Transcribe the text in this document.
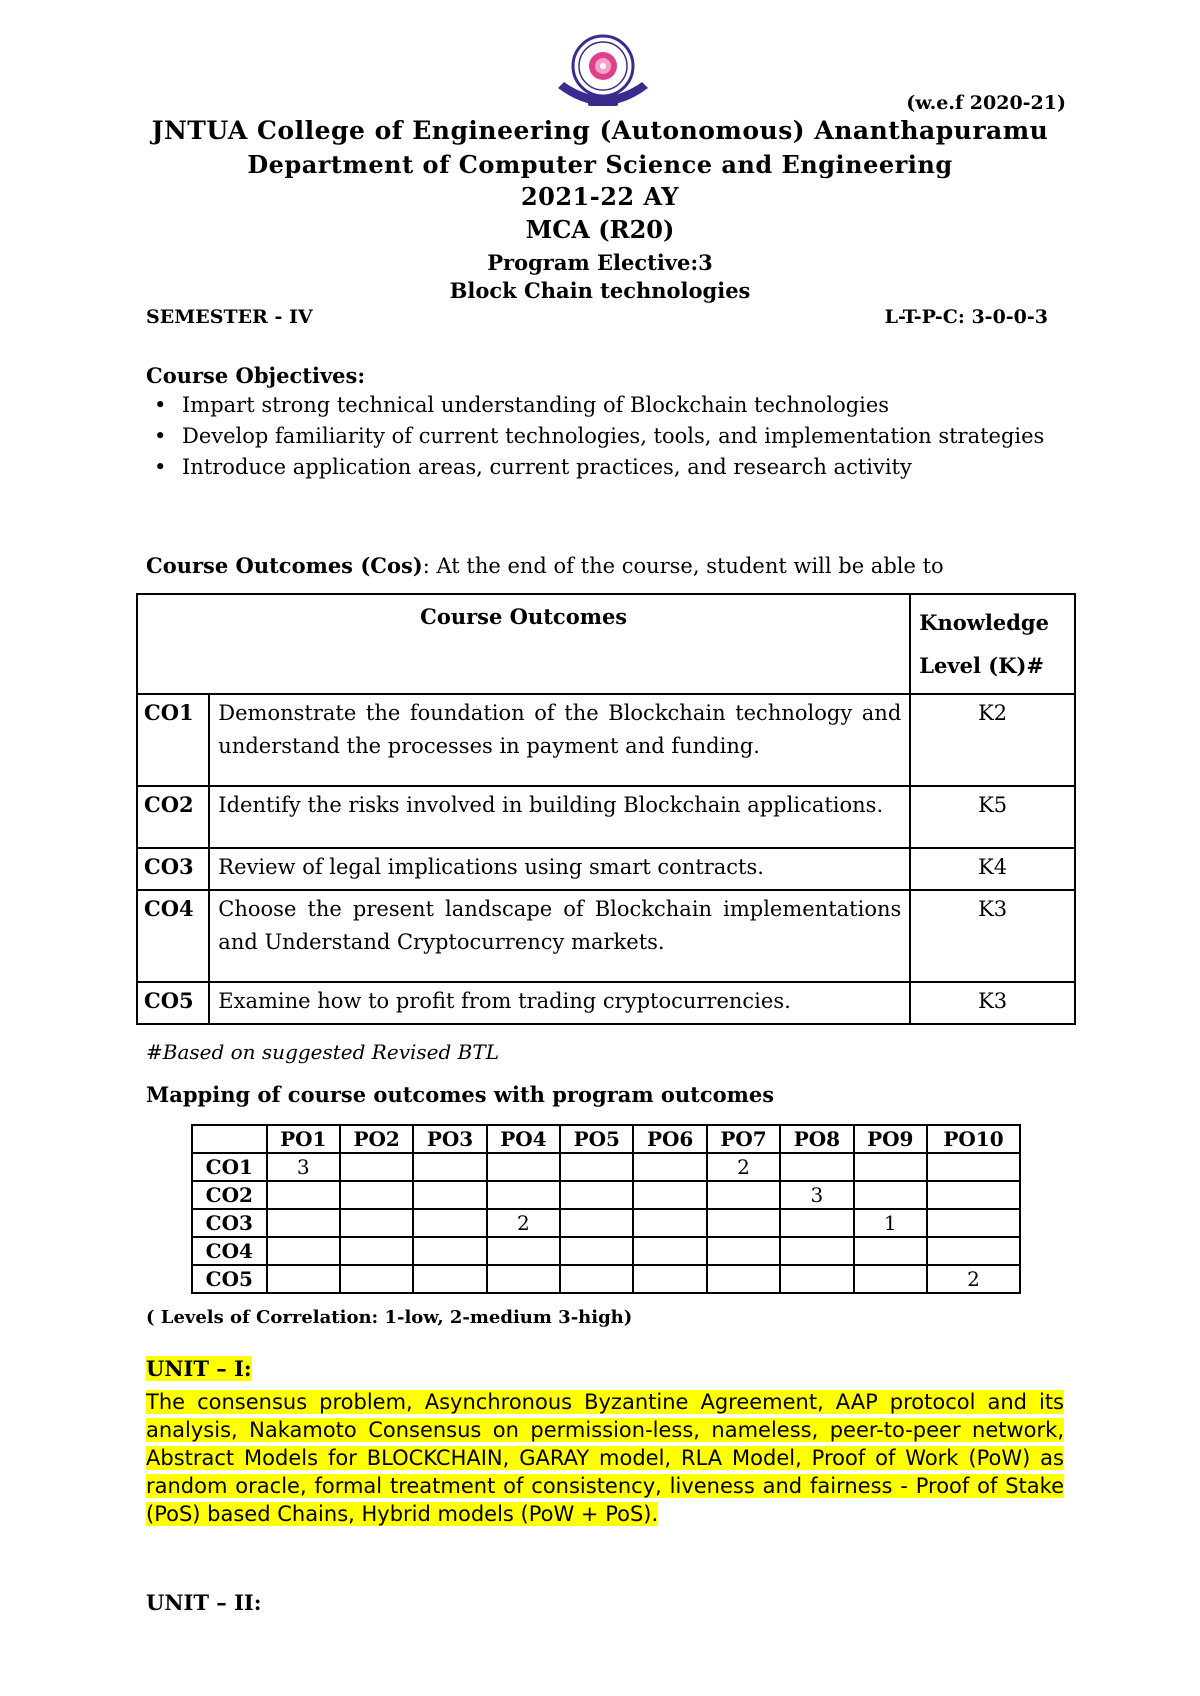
(w.e.f 2020-21)
JNTUA College of Engineering (Autonomous) Ananthapuramu
Department of Computer Science and Engineering
2021-22 AY
MCA (R20)
Program Elective:3
Block Chain technologies
SEMESTER - IV	L-T-P-C: 3-0-0-3
Course Objectives:
• Impart strong technical understanding of Blockchain technologies
• Develop familiarity of current technologies, tools, and implementation strategies
• Introduce application areas, current practices, and research activity
Course Outcomes (Cos): At the end of the course, student will be able to
Course Outcomes		Knowledge Level (K)#
CO1	Demonstrate the foundation of the Blockchain technology and understand the processes in payment and funding.	K2
CO2	Identify the risks involved in building Blockchain applications.	K5
CO3	Review of legal implications using smart contracts.	K4
CO4	Choose the present landscape of Blockchain implementations and Understand Cryptocurrency markets.	K3
CO5	Examine how to profit from trading cryptocurrencies.	K3
#Based on suggested Revised BTL
Mapping of course outcomes with program outcomes
	PO1	PO2	PO3	PO4	PO5	PO6	PO7	PO8	PO9	PO10
CO1	3						2			
CO2								3		
CO3				2					1	
CO4										
CO5										2
( Levels of Correlation: 1-low, 2-medium 3-high)
UNIT – I:
The consensus problem, Asynchronous Byzantine Agreement, AAP protocol and its analysis, Nakamoto Consensus on permission-less, nameless, peer-to-peer network, Abstract Models for BLOCKCHAIN, GARAY model, RLA Model, Proof of Work (PoW) as random oracle, formal treatment of consistency, liveness and fairness - Proof of Stake (PoS) based Chains, Hybrid models (PoW + PoS).
UNIT – II:
